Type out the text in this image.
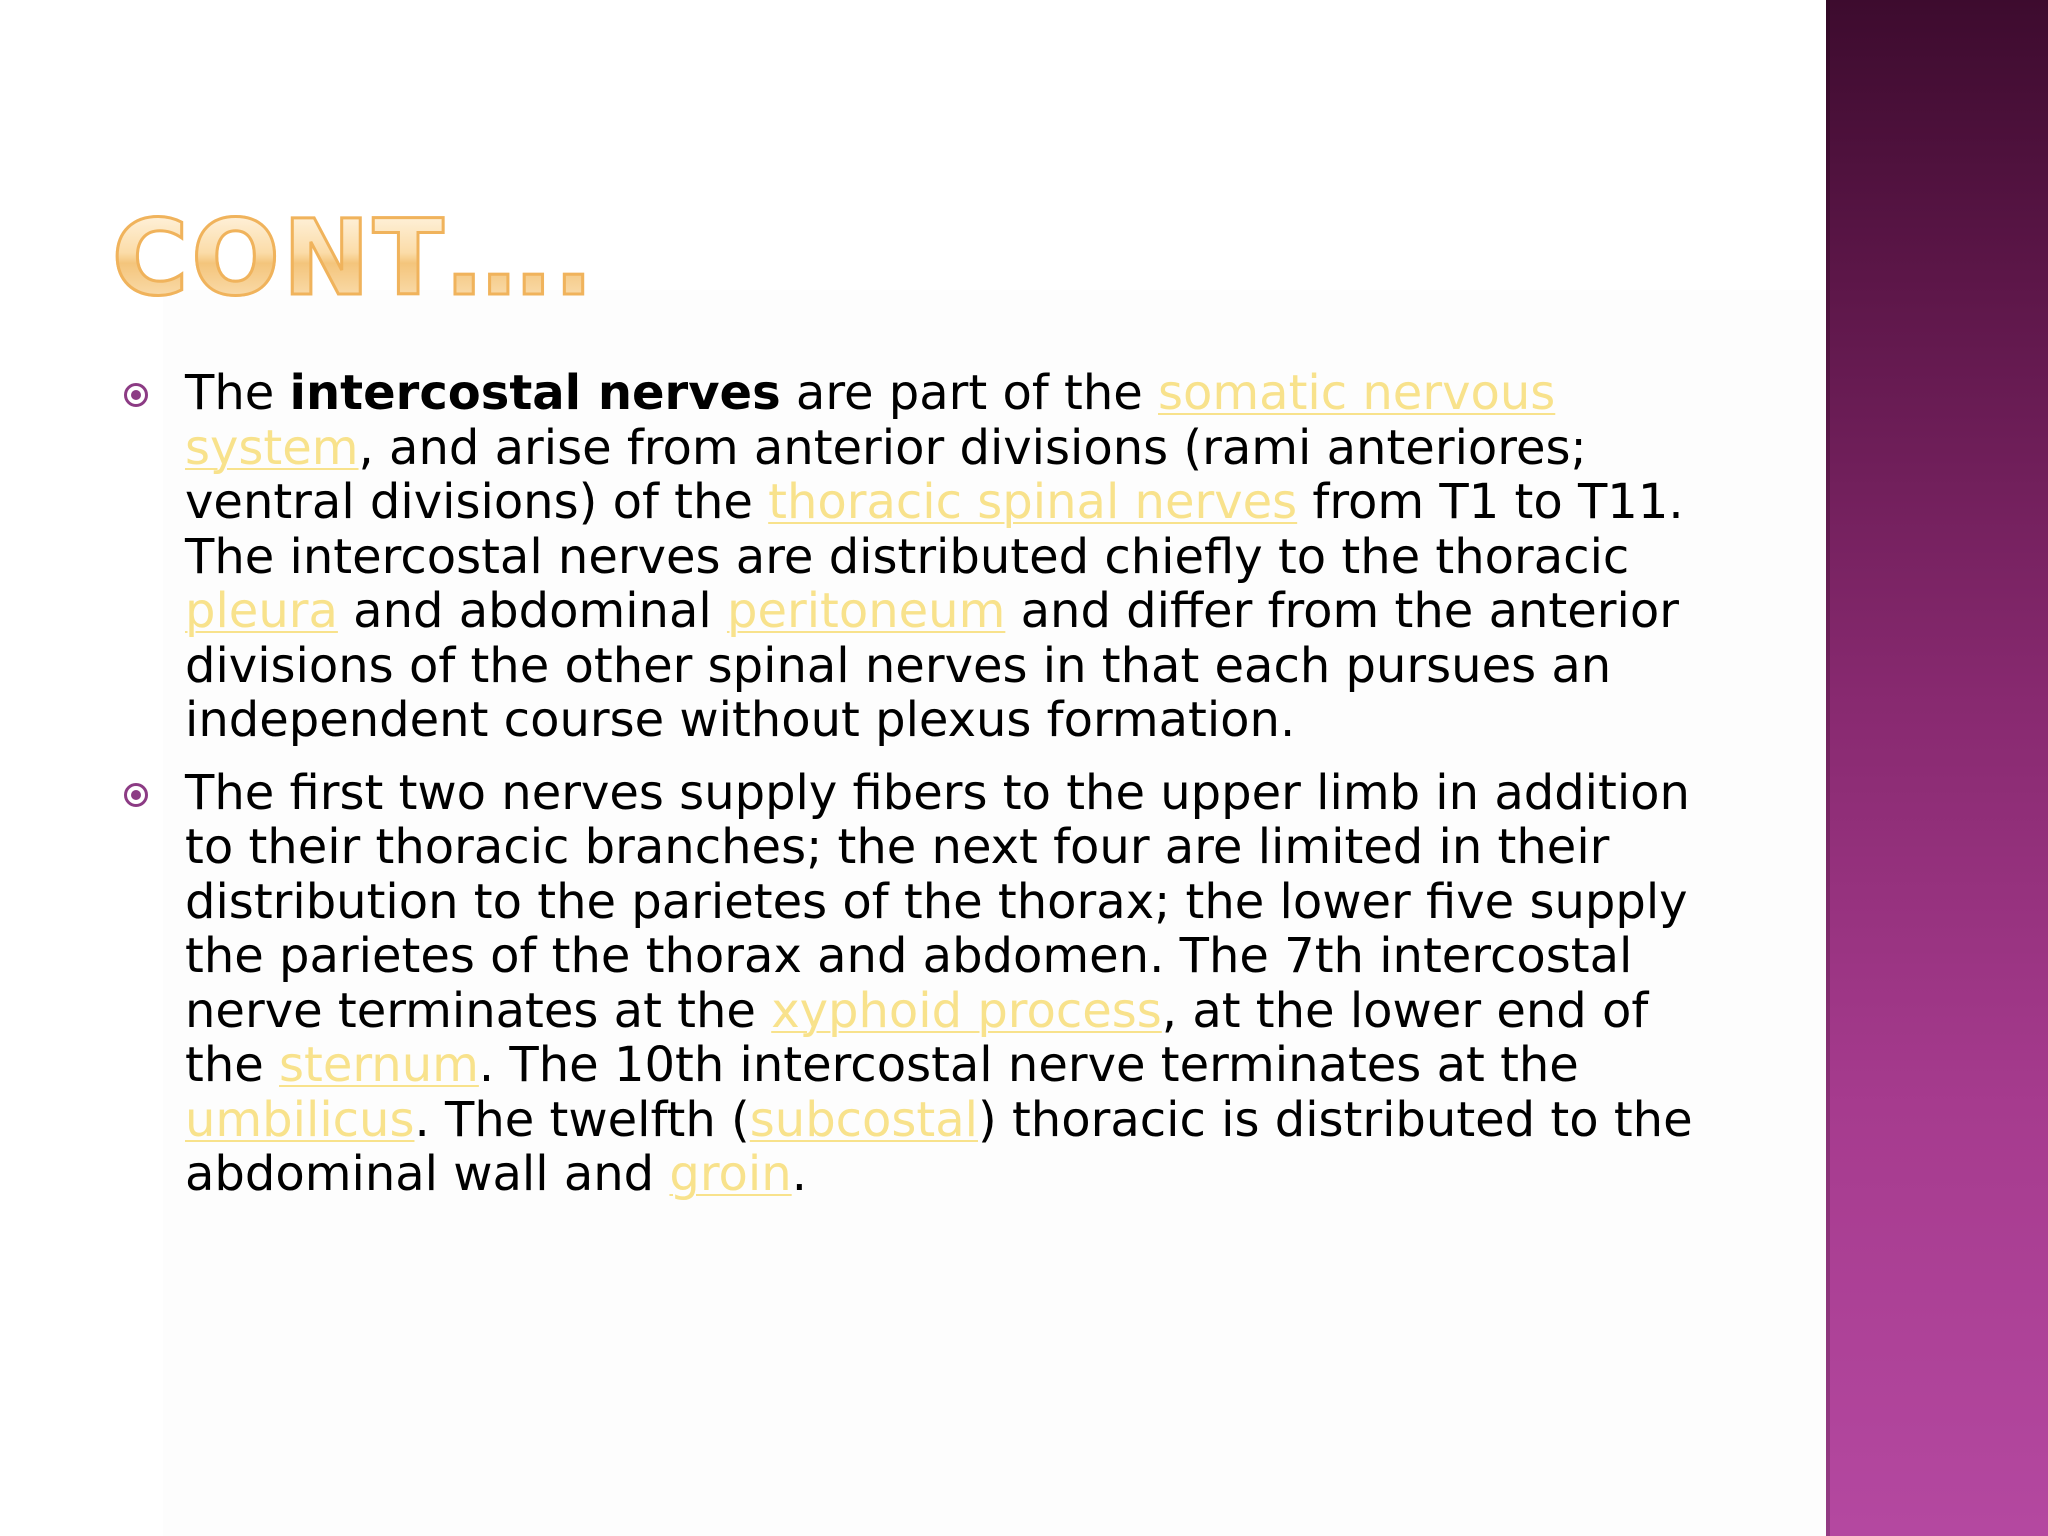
CONT….
The intercostal nerves are part of the somatic nervous system, and arise from anterior divisions (rami anteriores; ventral divisions) of the thoracic spinal nerves from T1 to T11. The intercostal nerves are distributed chiefly to the thoracic pleura and abdominal peritoneum and differ from the anterior divisions of the other spinal nerves in that each pursues an independent course without plexus formation.
The first two nerves supply fibers to the upper limb in addition to their thoracic branches; the next four are limited in their distribution to the parietes of the thorax; the lower five supply the parietes of the thorax and abdomen. The 7th intercostal nerve terminates at the xyphoid process, at the lower end of the sternum. The 10th intercostal nerve terminates at the umbilicus. The twelfth (subcostal) thoracic is distributed to the abdominal wall and groin.
